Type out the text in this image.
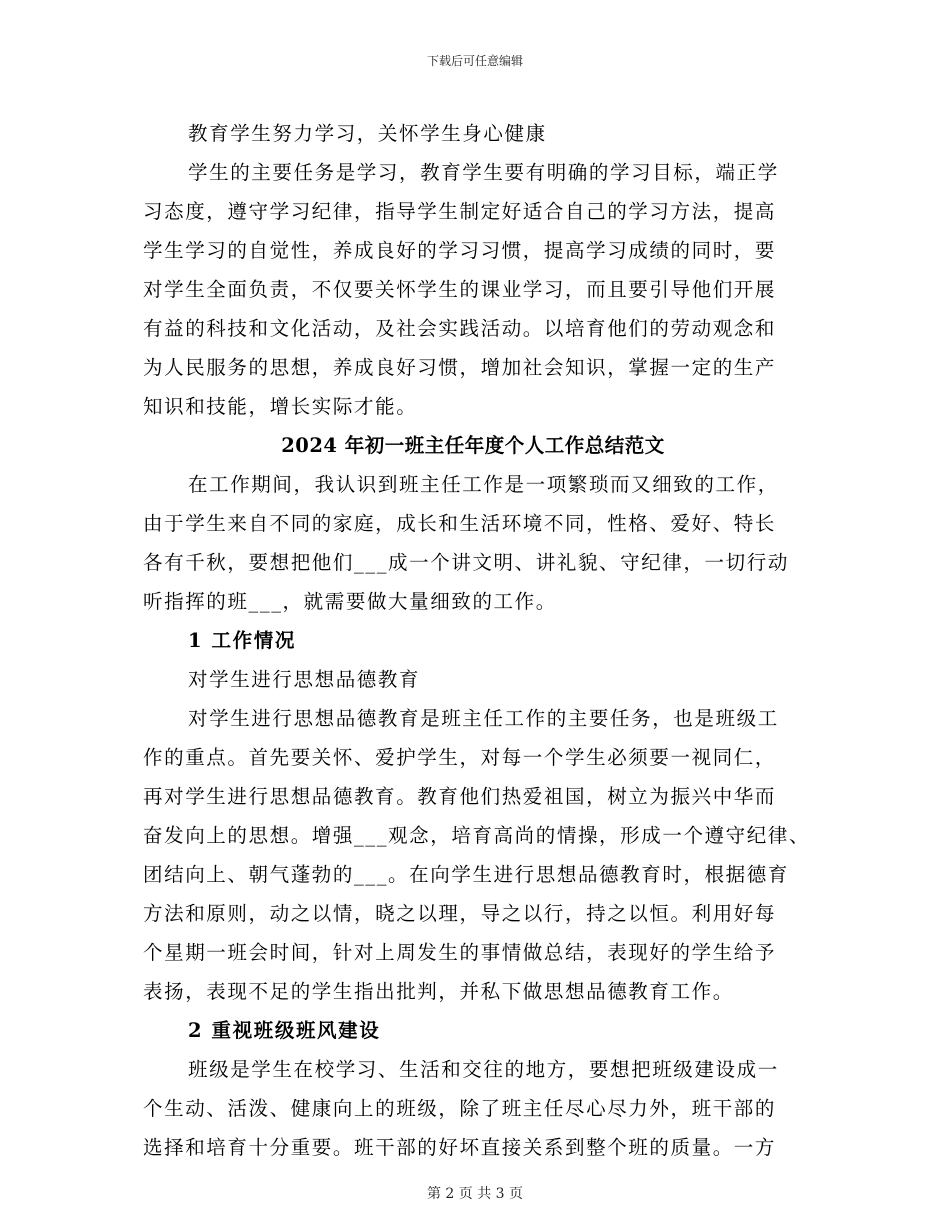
下载后可任意编辑
教育学生努力学习，关怀学生身心健康
学生的主要任务是学习，教育学生要有明确的学习目标，端正学
习态度，遵守学习纪律，指导学生制定好适合自己的学习方法，提高
学生学习的自觉性，养成良好的学习习惯，提高学习成绩的同时，要
对学生全面负责，不仅要关怀学生的课业学习，而且要引导他们开展
有益的科技和文化活动，及社会实践活动。以培育他们的劳动观念和
为人民服务的思想，养成良好习惯，增加社会知识，掌握一定的生产
知识和技能，增长实际才能。
2024 年初一班主任年度个人工作总结范文
在工作期间，我认识到班主任工作是一项繁琐而又细致的工作，
由于学生来自不同的家庭，成长和生活环境不同，性格、爱好、特长
各有千秋，要想把他们___成一个讲文明、讲礼貌、守纪律，一切行动
听指挥的班___，就需要做大量细致的工作。
1 工作情况
对学生进行思想品德教育
对学生进行思想品德教育是班主任工作的主要任务，也是班级工
作的重点。首先要关怀、爱护学生，对每一个学生必须要一视同仁，
再对学生进行思想品德教育。教育他们热爱祖国，树立为振兴中华而
奋发向上的思想。增强___观念，培育高尚的情操，形成一个遵守纪律、
团结向上、朝气蓬勃的___。在向学生进行思想品德教育时，根据德育
方法和原则，动之以情，晓之以理，导之以行，持之以恒。利用好每
个星期一班会时间，针对上周发生的事情做总结，表现好的学生给予
表扬，表现不足的学生指出批判，并私下做思想品德教育工作。
2 重视班级班风建设
班级是学生在校学习、生活和交往的地方，要想把班级建设成一
个生动、活泼、健康向上的班级，除了班主任尽心尽力外，班干部的
选择和培育十分重要。班干部的好坏直接关系到整个班的质量。一方
第 2 页 共 3 页
